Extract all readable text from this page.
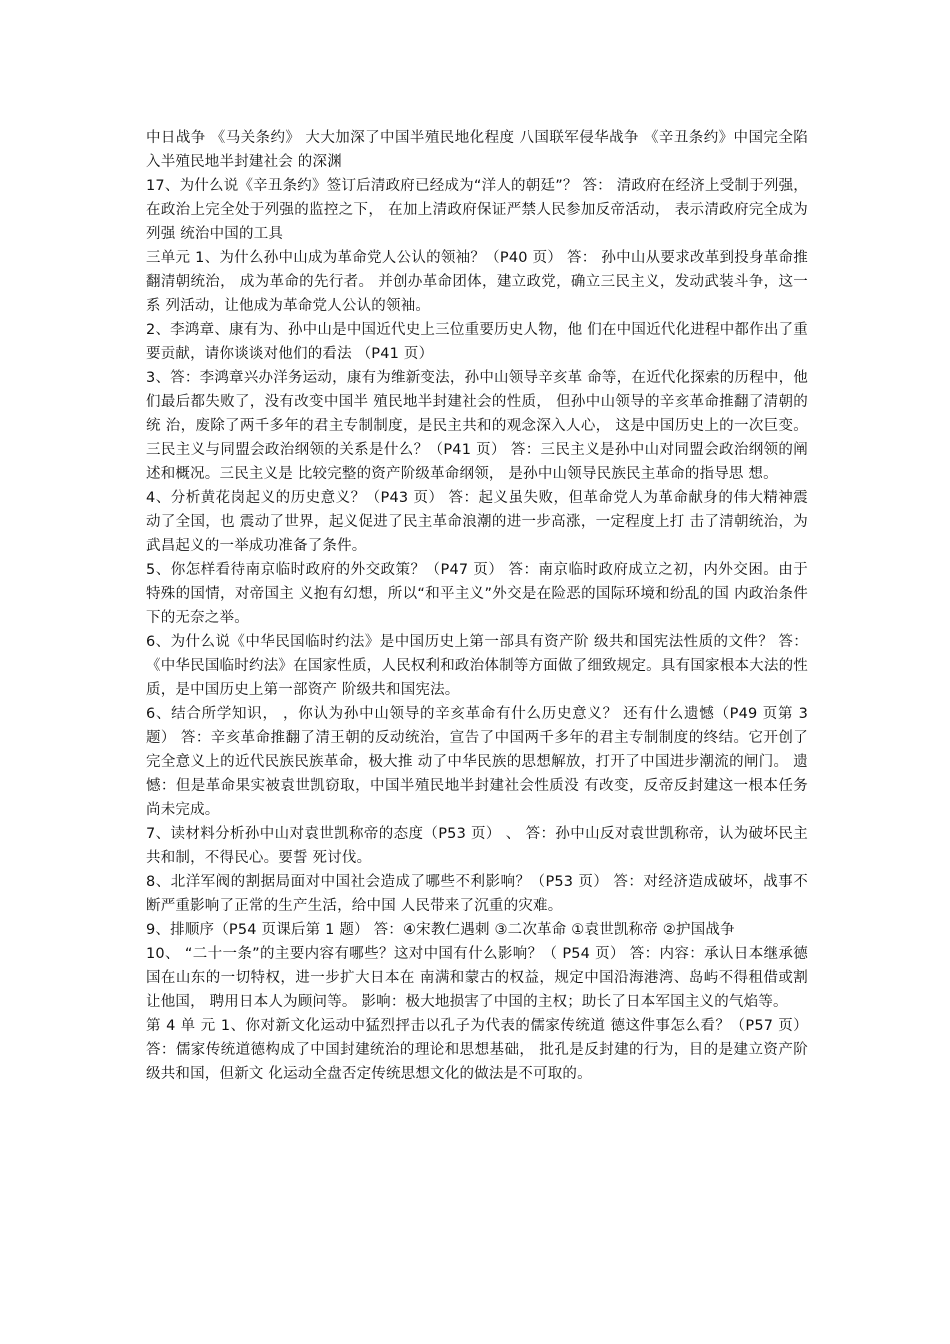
中日战争 《马关条约》 大大加深了中国半殖民地化程度 八国联军侵华战争 《辛丑条约》中国完全陷入半殖民地半封建社会 的深渊

17、为什么说《辛丑条约》签订后清政府已经成为“洋人的朝廷”？ 答： 清政府在经济上受制于列强， 在政治上完全处于列强的监控之下， 在加上清政府保证严禁人民参加反帝活动， 表示清政府完全成为列强 统治中国的工具

三单元 1、为什么孙中山成为革命党人公认的领袖？（P40 页） 答： 孙中山从要求改革到投身革命推翻清朝统治， 成为革命的先行者。 并创办革命团体，建立政党，确立三民主义，发动武装斗争，这一系 列活动，让他成为革命党人公认的领袖。

2、李鸿章、康有为、孙中山是中国近代史上三位重要历史人物，他 们在中国近代化进程中都作出了重要贡献，请你谈谈对他们的看法 （P41 页）

3、答：李鸿章兴办洋务运动，康有为维新变法，孙中山领导辛亥革 命等，在近代化探索的历程中，他们最后都失败了，没有改变中国半 殖民地半封建社会的性质， 但孙中山领导的辛亥革命推翻了清朝的统 治，废除了两千多年的君主专制制度，是民主共和的观念深入人心， 这是中国历史上的一次巨变。 三民主义与同盟会政治纲领的关系是什么？（P41 页） 答：三民主义是孙中山对同盟会政治纲领的阐述和概况。三民主义是 比较完整的资产阶级革命纲领， 是孙中山领导民族民主革命的指导思 想。

4、分析黄花岗起义的历史意义？（P43 页） 答：起义虽失败，但革命党人为革命献身的伟大精神震动了全国，也 震动了世界，起义促进了民主革命浪潮的进一步高涨，一定程度上打 击了清朝统治，为武昌起义的一举成功准备了条件。

5、你怎样看待南京临时政府的外交政策？（P47 页） 答：南京临时政府成立之初，内外交困。由于特殊的国情，对帝国主 义抱有幻想，所以“和平主义”外交是在险恶的国际环境和纷乱的国 内政治条件下的无奈之举。

6、为什么说《中华民国临时约法》是中国历史上第一部具有资产阶 级共和国宪法性质的文件？ 答： 《中华民国临时约法》在国家性质，人民权利和政治体制等方面做了细致规定。具有国家根本大法的性质，是中国历史上第一部资产 阶级共和国宪法。

6、结合所学知识， ，你认为孙中山领导的辛亥革命有什么历史意义？ 还有什么遗憾（P49 页第 3 题） 答：辛亥革命推翻了清王朝的反动统治，宣告了中国两千多年的君主专制制度的终结。它开创了完全意义上的近代民族民族革命，极大推 动了中华民族的思想解放，打开了中国进步潮流的闸门。 遗憾：但是革命果实被袁世凯窃取，中国半殖民地半封建社会性质没 有改变，反帝反封建这一根本任务尚未完成。

7、读材料分析孙中山对袁世凯称帝的态度（P53 页） 、 答：孙中山反对袁世凯称帝，认为破坏民主共和制，不得民心。要誓 死讨伐。

8、北洋军阀的割据局面对中国社会造成了哪些不利影响？（P53 页） 答：对经济造成破坏，战事不断严重影响了正常的生产生活，给中国 人民带来了沉重的灾难。

9、排顺序（P54 页课后第 1 题） 答：④宋教仁遇刺 ③二次革命 ①袁世凯称帝 ②护国战争

10、 “二十一条”的主要内容有哪些？这对中国有什么影响？（ P54 页） 答：内容：承认日本继承德国在山东的一切特权，进一步扩大日本在 南满和蒙古的权益，规定中国沿海港湾、岛屿不得租借或割让他国， 聘用日本人为顾问等。 影响：极大地损害了中国的主权；助长了日本军国主义的气焰等。

第 4 单 元 1、你对新文化运动中猛烈抨击以孔子为代表的儒家传统道 德这件事怎么看？（P57 页） 答：儒家传统道德构成了中国封建统治的理论和思想基础， 批孔是反封建的行为，目的是建立资产阶级共和国，但新文 化运动全盘否定传统思想文化的做法是不可取的。
